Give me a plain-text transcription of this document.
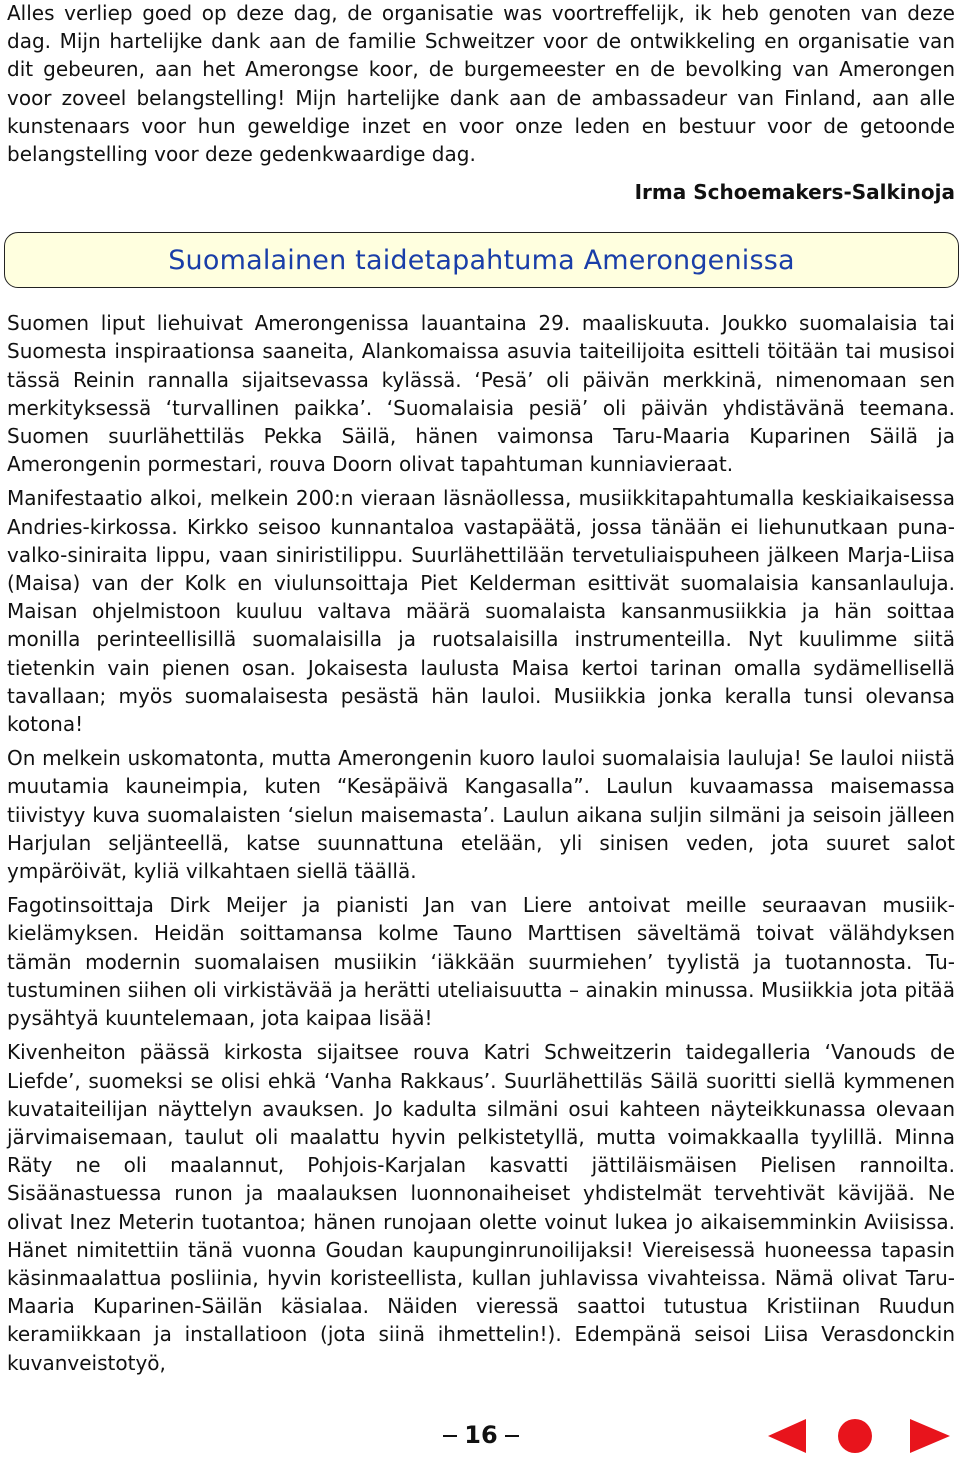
Alles verliep goed op deze dag, de organisatie was voortreffelijk, ik heb genoten van deze dag. Mijn hartelijke dank aan de familie Schweitzer voor de ontwikkeling en organisatie van dit gebeuren, aan het Amerongse koor, de burgemeester en de bevolking van Amerongen voor zoveel belangstelling! Mijn hartelijke dank aan de ambassadeur van Finland, aan alle kunstenaars voor hun geweldige inzet en voor onze leden en bestuur voor de getoonde belangstelling voor deze gedenkwaardige dag.

Irma Schoemakers-Salkinoja
Suomalainen taidetapahtuma Amerongenissa

Suomen liput liehuivat Amerongenissa lauantaina 29. maaliskuuta. Joukko suomalaisia tai Suomesta inspiraationsa saaneita, Alankomaissa asuvia taiteilijoita esitteli töitään tai musisoi tässä Reinin rannalla sijaitsevassa kylässä. ‘Pesä’ oli päivän merkkinä, nimenomaan sen merkityksessä ‘turvallinen paikka’. ‘Suomalaisia pesiä’ oli päivän yhdistävänä teemana. Suomen suurlähettiläs Pekka Säilä, hänen vaimonsa Taru-Maaria Kuparinen Säilä ja Amerongenin pormestari, rouva Doorn olivat tapahtuman kunniavieraat.

Manifestaatio alkoi, melkein 200:n vieraan läsnäollessa, musiikkitapahtumalla keskiaikaisessa Andries-kirkossa. Kirkko seisoo kunnantaloa vastapäätä, jossa tänään ei liehunutkaan puna-valko-siniraita lippu, vaan siniristilippu. Suurlähettilään tervetuliaispuheen jälkeen Marja-Liisa (Maisa) van der Kolk en viulunsoittaja Piet Kelderman esittivät suomalaisia kansanlauluja. Maisan ohjelmistoon kuuluu valtava määrä suomalaista kansanmusiikkia ja hän soittaa monilla perinteellisillä suomalaisilla ja ruotsalaisilla instrumenteilla. Nyt kuulimme siitä tietenkin vain pienen osan. Jokaisesta laulusta Maisa kertoi tarinan omalla sydämellisellä tavallaan; myös suomalaisesta pesästä hän lauloi. Musiikkia jonka keralla tunsi olevansa kotona!

On melkein uskomatonta, mutta Amerongenin kuoro lauloi suomalaisia lauluja! Se lauloi niistä muutamia kauneimpia, kuten “Kesäpäivä Kangasalla”. Laulun kuvaamassa maisemassa tiivistyy kuva suomalaisten ‘sielun maisemasta’. Laulun aikana suljin silmäni ja seisoin jälleen Harjulan seljänteellä, katse suunnattuna etelään, yli sinisen veden, jota suuret salot ympäröivät, kyliä vilkahtaen siellä täällä.

Fagotinsoittaja Dirk Meijer ja pianisti Jan van Liere antoivat meille seuraavan musiikkielämyksen. Heidän soittamansa kolme Tauno Marttisen säveltämä toivat välähdyksen tämän modernin suomalaisen musiikin ‘iäkkään suurmiehen’ tyylistä ja tuotannosta. Tutustuminen siihen oli virkistävää ja herätti uteliaisuutta – ainakin minussa. Musiikkia jota pitää pysähtyä kuuntelemaan, jota kaipaa lisää!

Kivenheiton päässä kirkosta sijaitsee rouva Katri Schweitzerin taidegalleria ‘Vanouds de Liefde’, suomeksi se olisi ehkä ‘Vanha Rakkaus’. Suurlähettiläs Säilä suoritti siellä kymmenen kuvataiteilijan näyttelyn avauksen. Jo kadulta silmäni osui kahteen näyteikkunassa olevaan järvimaisemaan, taulut oli maalattu hyvin pelkistetyllä, mutta voimakkaalla tyylillä. Minna Räty ne oli maalannut, Pohjois-Karjalan kasvatti jättiläismäisen Pielisen rannoilta. Sisäänastuessa runon ja maalauksen luonnonaiheiset yhdistelmät tervehtivät kävijää. Ne olivat Inez Meterin tuotantoa; hänen runojaan olette voinut lukea jo aikaisemminkin Aviisissa. Hänet nimitettiin tänä vuonna Goudan kaupunginrunoilijaksi! Viereisessä huoneessa tapasin käsinmaalattua posliinia, hyvin koristeellista, kullan juhlavissa vivahteissa. Nämä olivat Taru-Maaria Kuparinen-Säilän käsialaa. Näiden vieressä saattoi tutustua Kristiinan Ruudun keramiikkaan ja installatioon (jota siinä ihmettelin!). Edempänä seisoi Liisa Verasdonckin kuvanveistotyö,

16
